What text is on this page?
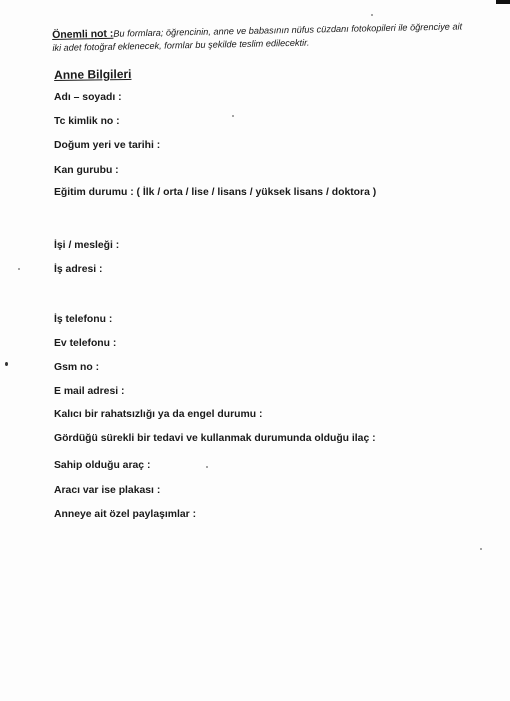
Önemli not :Bu formlara; öğrencinin, anne ve babasının nüfus cüzdanı fotokopileri ile öğrenciye ait iki adet fotoğraf eklenecek, formlar bu şekilde teslim edilecektir.
Anne Bilgileri
Adı – soyadı :
Tc kimlik no :
Doğum yeri ve tarihi :
Kan gurubu :
Eğitim durumu : ( İlk / orta / lise / lisans / yüksek lisans / doktora )
İşi / mesleği :
İş adresi :
İş telefonu :
Ev telefonu :
Gsm no :
E mail adresi :
Kalıcı bir rahatsızlığı ya da engel durumu :
Gördüğü sürekli bir tedavi ve kullanmak durumunda olduğu ilaç :
Sahip olduğu araç :
Aracı var ise plakası :
Anneye ait özel paylaşımlar :
